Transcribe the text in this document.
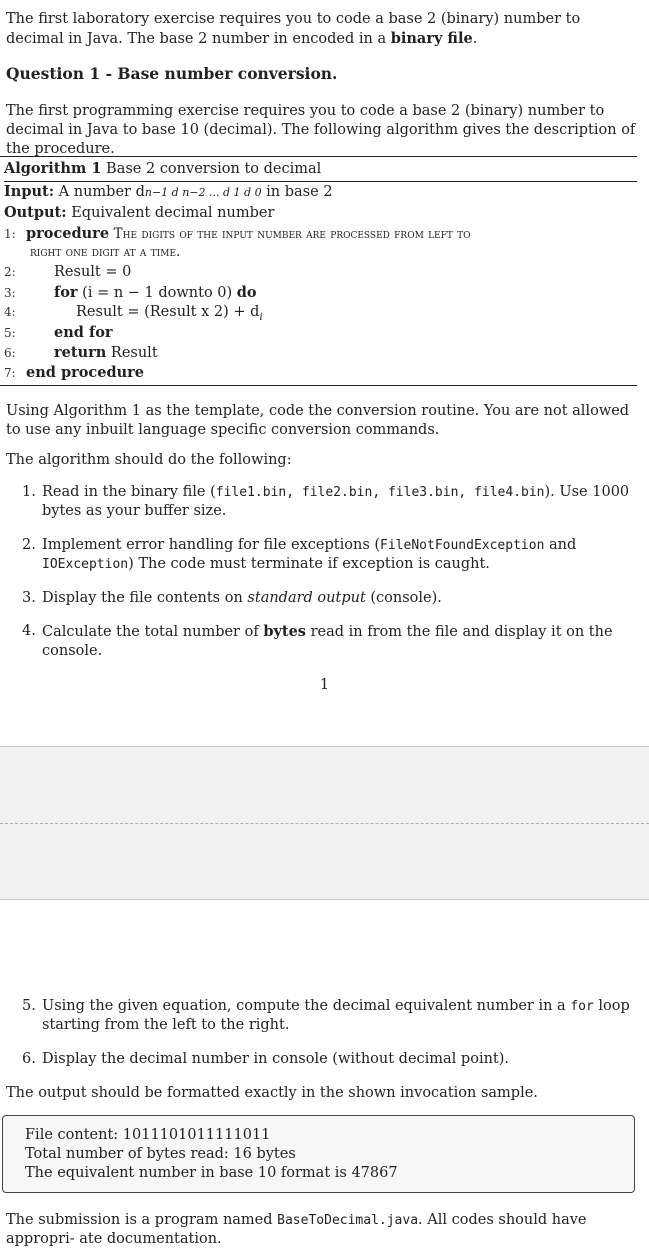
The first laboratory exercise requires you to code a base 2 (binary) number to decimal in Java. The base 2 number in encoded in a binary file.

Question 1 - Base number conversion.

The first programming exercise requires you to code a base 2 (binary) number to decimal in Java to base 10 (decimal). The following algorithm gives the description of the procedure.

Algorithm 1 Base 2 conversion to decimal
Input: A number dn−1 d n−2 ... d 1 d 0 in base 2
Output: Equivalent decimal number
1: procedure The digits of the input number are processed from left to
right one digit at a time.
2:	Result = 0
3:	for (i = n − 1 downto 0) do
4:	Result = (Result x $2) + d_i$
5:	end for
6:	return Result
7: end procedure

Using Algorithm 1 as the template, code the conversion routine. You are not allowed to use any inbuilt language specific conversion commands.

The algorithm should do the following:

1. Read in the binary file (file1.bin, file2.bin, file3.bin, file4.bin). Use 1000 bytes as your buffer size.
2. Implement error handling for file exceptions (FileNotFoundException and IOException) The code must terminate if exception is caught.
3. Display the file contents on standard output (console).
4. Calculate the total number of bytes read in from the file and display it on the console.
1
5. Using the given equation, compute the decimal equivalent number in a for loop starting from the left to the right.
6. Display the decimal number in console (without decimal point).

The output should be formatted exactly in the shown invocation sample.

File content: 1011101011111011
Total number of bytes read: 16 bytes
The equivalent number in base 10 format is 47867

The submission is a program named BaseToDecimal.java. All codes should have appropri- ate documentation.
